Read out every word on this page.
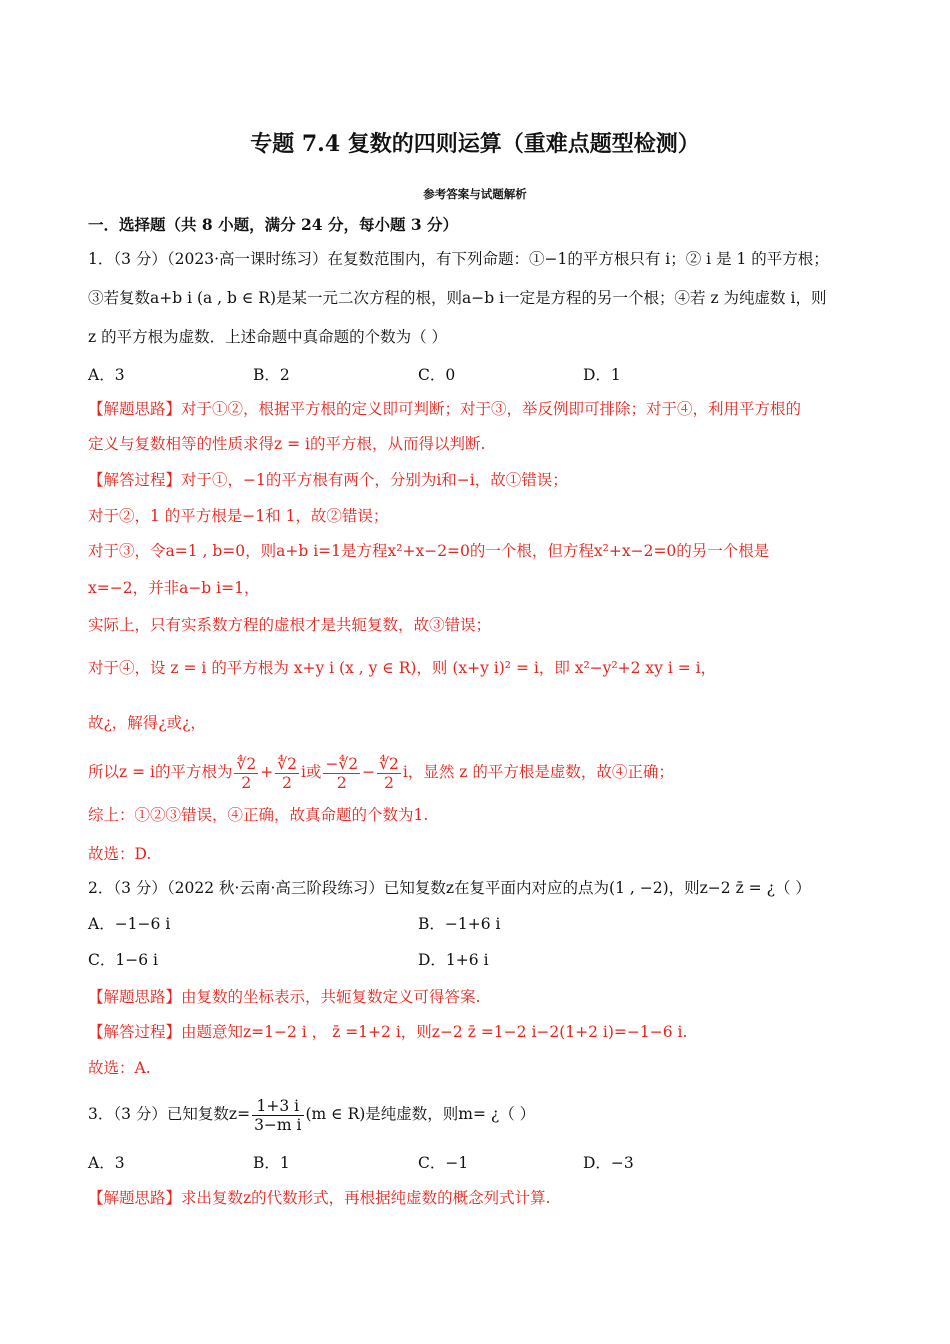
专题 7.4 复数的四则运算（重难点题型检测）
参考答案与试题解析
一．选择题（共 8 小题，满分 24 分，每小题 3 分）
1．（3 分）（2023·高一课时练习）在复数范围内，有下列命题：①−1的平方根只有 i；② i 是 1 的平方根；
③若复数a+b i (a , b ∈ R)是某一元二次方程的根，则a−b i一定是方程的另一个根；④若 z 为纯虚数 i，则
z 的平方根为虚数．上述命题中真命题的个数为（ ）
A．3	B．2	C．0	D．1
【解题思路】对于①②，根据平方根的定义即可判断；对于③，举反例即可排除；对于④，利用平方根的
定义与复数相等的性质求得z = i的平方根，从而得以判断.
【解答过程】对于①，−1的平方根有两个，分别为i和−i，故①错误；
对于②，1 的平方根是−1和 1，故②错误；
对于③，令a=1 , b=0，则a+b i=1是方程x²+x−2=0的一个根，但方程x²+x−2=0的另一个根是
x=−2，并非a−b i=1，
实际上，只有实系数方程的虚根才是共轭复数，故③错误；
对于④，设 z = i 的平方根为 x+y i (x , y ∈ R)，则 (x+y i)² = i，即 x²−y²+2 xy i = i，
故¿，解得¿或¿，
所以z = i的平方根为 $\frac{∜2}{2} + \frac{∜2}{2}$ i或 $\frac{-∜2}{2} - \frac{∜2}{2}$ i，显然 z 的平方根是虚数，故④正确；
综上：①②③错误，④正确，故真命题的个数为1.
故选：D.
2．（3 分）（2022 秋·云南·高三阶段练习）已知复数z在复平面内对应的点为(1 , −2)，则z−2 z̄ = ¿（ ）
A．−1−6 i	B．−1+6 i
C．1−6 i	D．1+6 i
【解题思路】由复数的坐标表示，共轭复数定义可得答案.
【解答过程】由题意知z=1−2 i ， z̄ =1+2 i，则z−2 z̄ =1−2 i−2(1+2 i)=−1−6 i.
故选：A.
3．（3 分）已知复数$z= \frac{1+3 i}{\text{3−m i}} (m$ ∈ R)是纯虚数，则m= ¿（ ）
A．3	B．1	C．−1	D．−3
【解题思路】求出复数z的代数形式，再根据纯虚数的概念列式计算.
